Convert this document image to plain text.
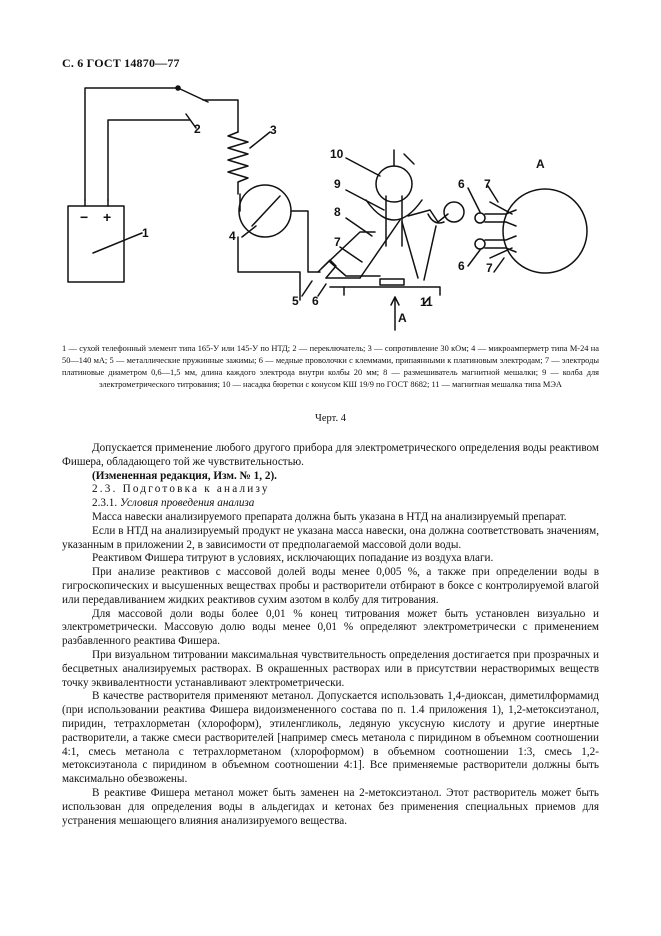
С. 6 ГОСТ 14870—77
1
2	3
4
5 6
7
8
9
10
11
6 7
6 7
А
А
− +
1 — сухой телефонный элемент типа 165-У или 145-У по НТД; 2 — переключатель; 3 — сопротивление 30 кОм; 4 — микроамперметр типа М-24 на 50—140 мА; 5 — металлические пружинные зажимы; 6 — медные проволочки с клеммами, припаянными к платиновым электродам; 7 — электроды платиновые диаметром 0,6—1,5 мм, длина каждого электрода внутри колбы 20 мм; 8 — размешиватель магнитной мешалки; 9 — колба для электрометрического титрования; 10 — насадка бюретки с конусом КШ 19/9 по ГОСТ 8682; 11 — магнитная мешалка типа МЭА
Черт. 4

Допускается применение любого другого прибора для электрометрического определения воды реактивом Фишера, обладающего той же чувствительностью.

(Измененная редакция, Изм. № 1, 2).

2.3. Подготовка к анализу

2.3.1. Условия проведения анализа

Масса навески анализируемого препарата должна быть указана в НТД на анализируемый препарат.

Если в НТД на анализируемый продукт не указана масса навески, она должна соответствовать значениям, указанным в приложении 2, в зависимости от предполагаемой массовой доли воды.

Реактивом Фишера титруют в условиях, исключающих попадание из воздуха влаги.

При анализе реактивов с массовой долей воды менее 0,005 %, а также при определении воды в гигроскопических и высушенных веществах пробы и растворители отбирают в боксе с контролируемой влагой или передавливанием жидких реактивов сухим азотом в колбу для титрования.

Для массовой доли воды более 0,01 % конец титрования может быть установлен визуально и электрометрически. Массовую долю воды менее 0,01 % определяют электрометрически с применением разбавленного реактива Фишера.

При визуальном титровании максимальная чувствительность определения достигается при прозрачных и бесцветных анализируемых растворах. В окрашенных растворах или в присутствии нерастворимых веществ точку эквивалентности устанавливают электрометрически.

В качестве растворителя применяют метанол. Допускается использовать 1,4-диоксан, диметилформамид (при использовании реактива Фишера видоизмененного состава по п. 1.4 приложения 1), 1,2-метоксиэтанол, пиридин, тетрахлорметан (хлороформ), этиленгликоль, ледяную уксусную кислоту и другие инертные растворители, а также смеси растворителей [например смесь метанола с пиридином в объемном соотношении 4:1, смесь метанола с тетрахлорметаном (хлороформом) в объемном соотношении 1:3, смесь 1,2-метоксиэтанола с пиридином в объемном соотношении 4:1]. Все применяемые растворители должны быть максимально обезвожены.

В реактиве Фишера метанол может быть заменен на 2-метоксиэтанол. Этот растворитель может быть использован для определения воды в альдегидах и кетонах без применения специальных приемов для устранения мешающего влияния анализируемого вещества.
